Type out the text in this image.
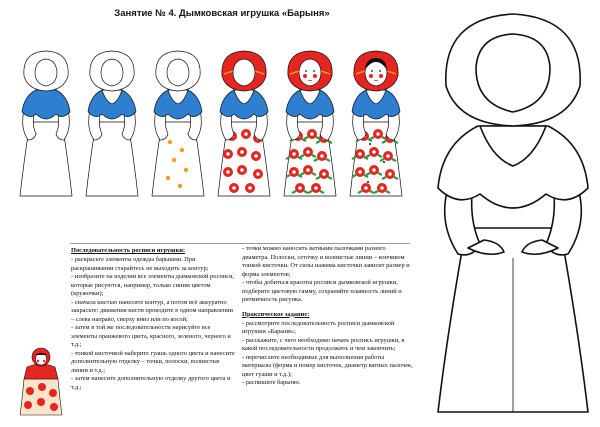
Занятие № 4. Дымковская игрушка «Барыня»
Последовательность росписи игрушки:

- раскрасьте элементы одежды барышни. При раскрашивании старайтесь не выходить за контур;

- изобразите на изделии все элементы дымковской росписи, которые рисуются, например, только синим цветом (кружочки);

- сначала кистью нанесите контур, а потом всё аккуратно закрасьте: движения кисти проводите в одном направлении – слева направо, сверху вниз или по косой;

- затем в той же последовательности нарисуйте все элементы оранжевого цвета, красного, зеленого, черного и т.д.;

- тонкой кисточкой наберите гуашь одного цвета и нанесите дополнительную отделку – точки, полоски, волнистые линии и т.д.;

- затем нанесите дополнительную отделку другого цвета и т.д.;

- точки можно наносить ватными палочками разного диаметра. Полоски, сеточку и волнистые линии – кончиком тонкой кисточки. От силы нажима кисточки зависит размер и форма элементов;

- чтобы добиться красоты росписи дымковской игрушки, подберите цветовую гамму, сохраняйте плавность линий и ритмичность рисунка.

Практическое задание:

- рассмотрите последовательность росписи дымковской игрушки «Барыня»;

- расскажите, с чего необходимо начать роспись игрушки, в какой последовательности продолжить и чем закончить;

- перечислите необходимые для выполнения работы материалы (форма и номер кисточек, диаметр ватных палочек, цвет гуаши и т.д.);

- распишите барыню.
